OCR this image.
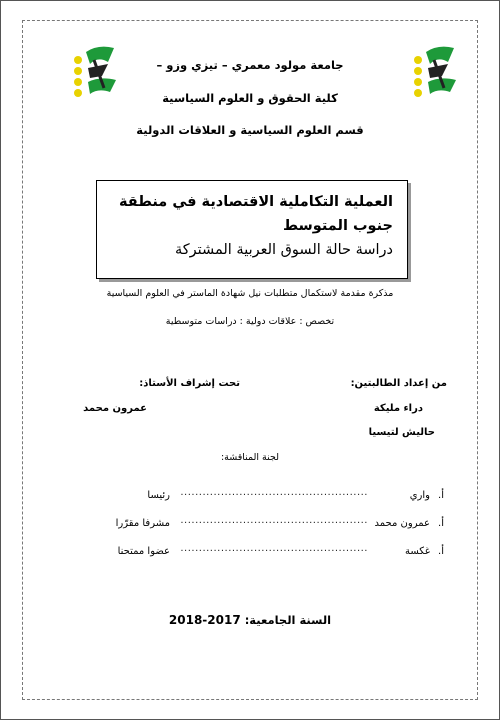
جامعة مولود معمري – تيزي وزو –
كلية الحقوق و العلوم السياسية
قسم العلوم السياسية و العلاقات الدولية
العملية التكاملية الاقتصادية في منطقة جنوب المتوسط
دراسة حالة السوق العربية المشتركة
مذكرة مقدمة لاستكمال متطلبات نيل شهادة الماستر في العلوم السياسية
تخصص : علاقات دولية : دراسات متوسطية
من إعداد الطالبتين:
دراء مليكة
حاليش لتيسيا
تحت إشراف الأستاذ:
عمرون محمد
لجنة المناقشة:
أ.واري...................................................رئيسا
أ.عمرون محمد...................................................مشرفا مقرّرا
أ.غكسة...................................................عضوا ممتحنا
السنة الجامعية: 2018-2017
